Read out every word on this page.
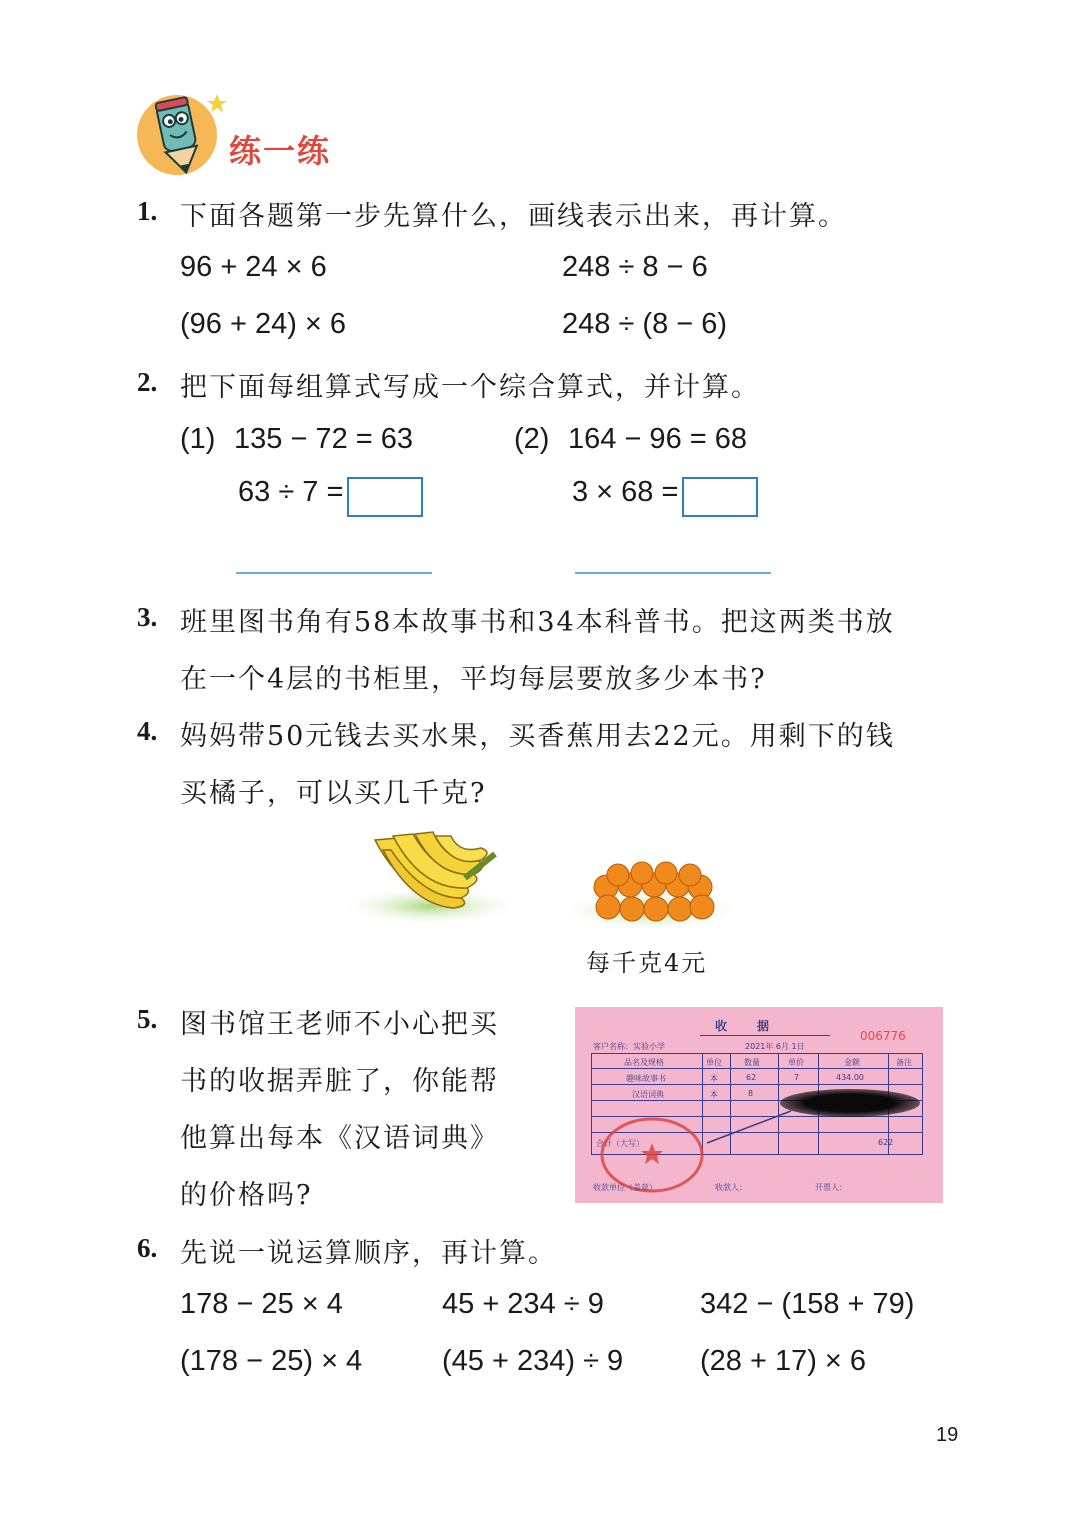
练一练
1. 下面各题第一步先算什么，画线表示出来，再计算。
96 + 24 × 6	248 ÷ 8 − 6
(96 + 24) × 6	248 ÷ (8 − 6)
2. 把下面每组算式写成一个综合算式，并计算。
(1) 135 − 72 = 63	(2) 164 − 96 = 68
63 ÷ 7 =	3 × 68 =
3. 班里图书角有58本故事书和34本科普书。把这两类书放
在一个4层的书柜里，平均每层要放多少本书?
4. 妈妈带50元钱去买水果，买香蕉用去22元。用剩下的钱
买橘子，可以买几千克?
每千克4元
5. 图书馆王老师不小心把买
书的收据弄脏了，你能帮
他算出每本《汉语词典》
的价格吗?
收　　据
006776
客户名称：实验小学	2021年 6月 1日
品名及规格	单位	数量	单价	金额	备注
趣味故事书	本	62	7	434.00
汉语词典	本	8
合计（大写）	622
收款单位（盖章）	收款人：	开票人：
6. 先说一说运算顺序，再计算。
178 − 25 × 4	45 + 234 ÷ 9	342 − (158 + 79)
(178 − 25) × 4	(45 + 234) ÷ 9	(28 + 17) × 6
19
